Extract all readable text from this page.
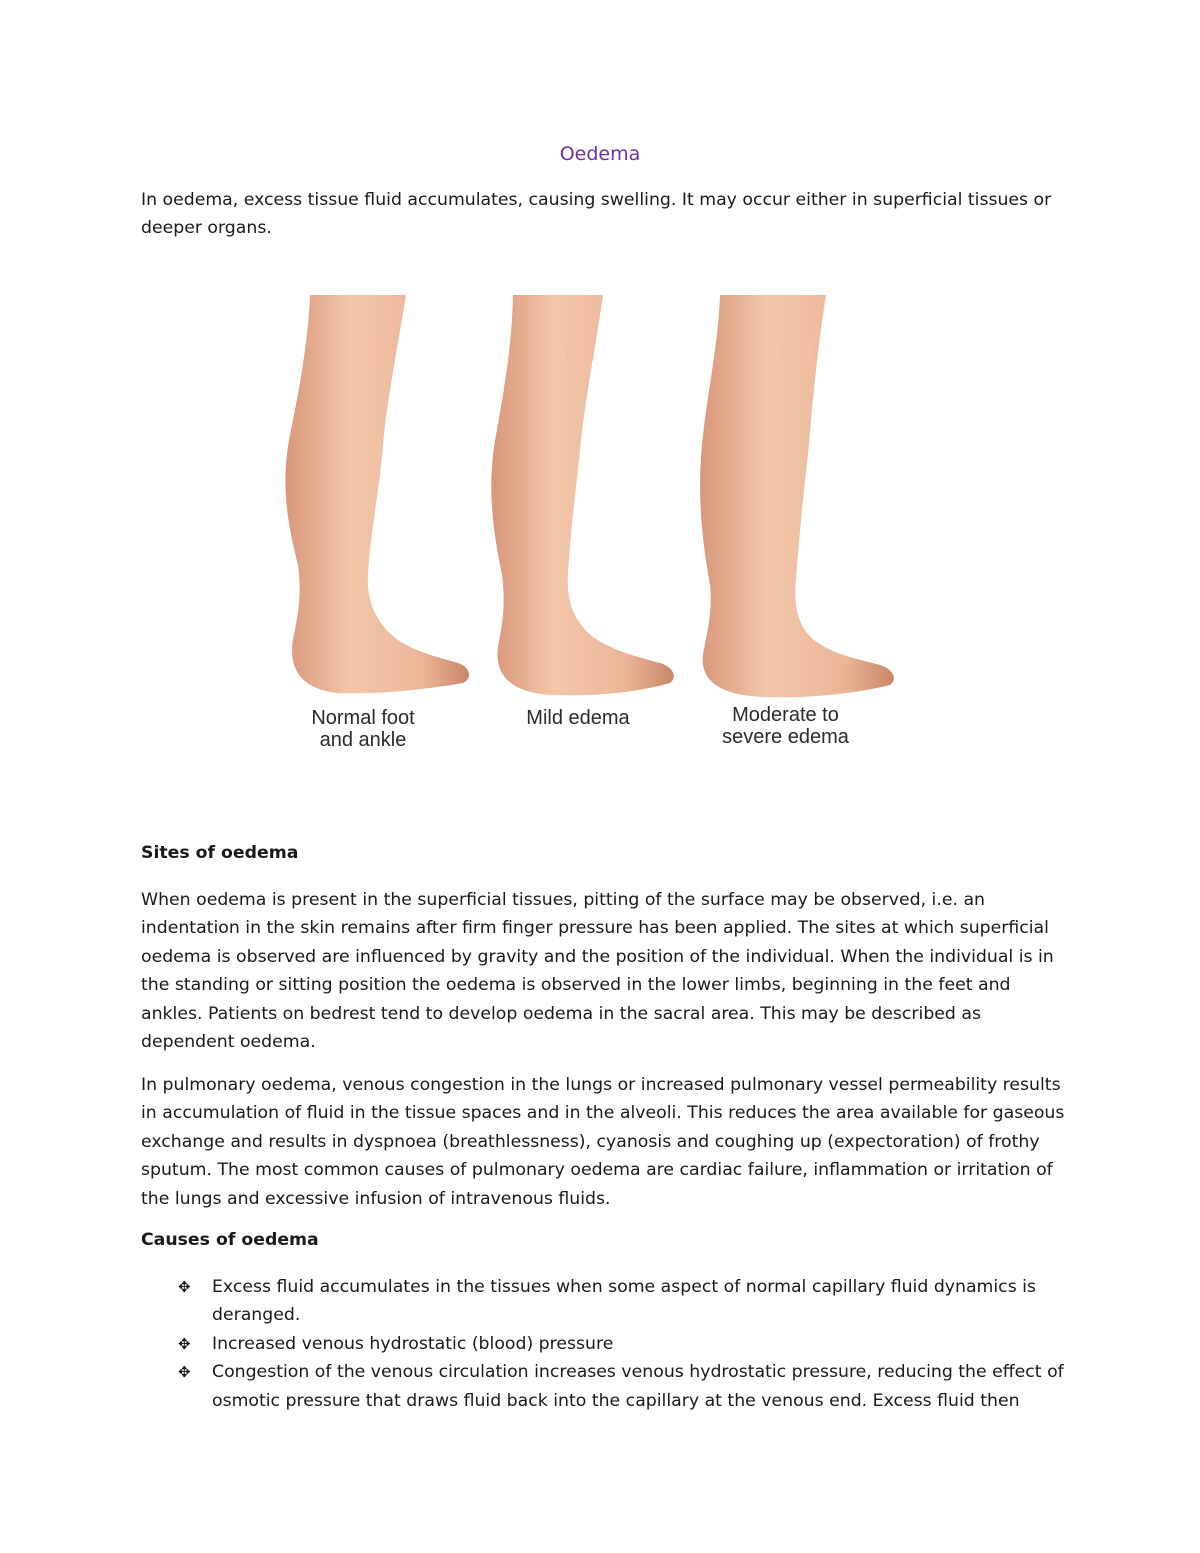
Oedema

In oedema, excess tissue fluid accumulates, causing swelling. It may occur either in superficial tissues or deeper organs.

Normal foot
and ankle
Mild edema	Moderate to
severe edema

Sites of oedema

When oedema is present in the superficial tissues, pitting of the surface may be observed, i.e. an indentation in the skin remains after firm finger pressure has been applied. The sites at which superficial oedema is observed are influenced by gravity and the position of the individual. When the individual is in the standing or sitting position the oedema is observed in the lower limbs, beginning in the feet and ankles. Patients on bedrest tend to develop oedema in the sacral area. This may be described as dependent oedema.

In pulmonary oedema, venous congestion in the lungs or increased pulmonary vessel permeability results in accumulation of fluid in the tissue spaces and in the alveoli. This reduces the area available for gaseous exchange and results in dyspnoea (breathlessness), cyanosis and coughing up (expectoration) of frothy sputum. The most common causes of pulmonary oedema are cardiac failure, inflammation or irritation of the lungs and excessive infusion of intravenous fluids.

Causes of oedema

✥ Excess fluid accumulates in the tissues when some aspect of normal capillary fluid dynamics is deranged.
✥ Increased venous hydrostatic (blood) pressure
✥ Congestion of the venous circulation increases venous hydrostatic pressure, reducing the effect of osmotic pressure that draws fluid back into the capillary at the venous end. Excess fluid then
